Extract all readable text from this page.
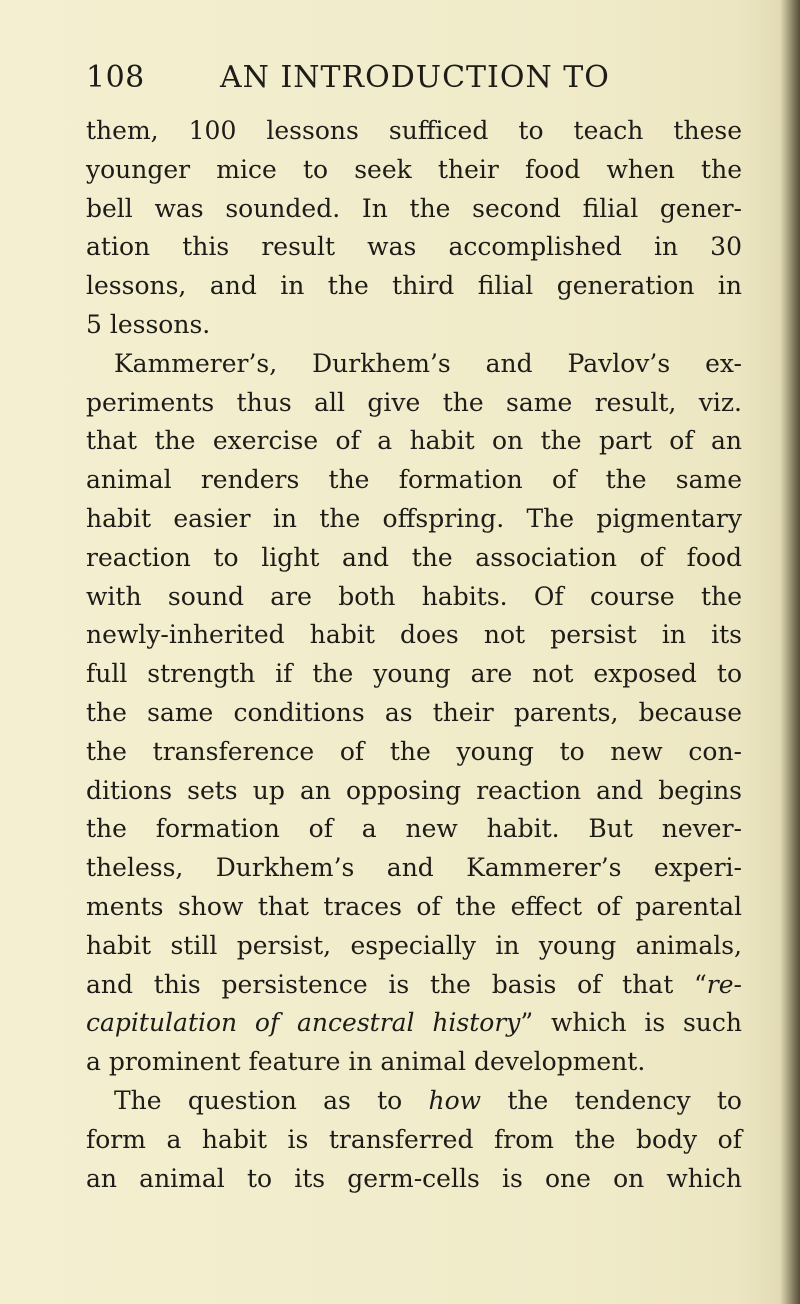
108	AN INTRODUCTION TO
them, 100 lessons sufficed to teach these
younger mice to seek their food when the
bell was sounded. In the second filial gener-
ation this result was accomplished in 30
lessons, and in the third filial generation in
5 lessons.
Kammerer’s, Durkhem’s and Pavlov’s ex-
periments thus all give the same result, viz.
that the exercise of a habit on the part of an
animal renders the formation of the same
habit easier in the offspring. The pigmentary
reaction to light and the association of food
with sound are both habits. Of course the
newly-inherited habit does not persist in its
full strength if the young are not exposed to
the same conditions as their parents, because
the transference of the young to new con-
ditions sets up an opposing reaction and begins
the formation of a new habit. But never-
theless, Durkhem’s and Kammerer’s experi-
ments show that traces of the effect of parental
habit still persist, especially in young animals,
and this persistence is the basis of that “re-
capitulation of ancestral history” which is such
a prominent feature in animal development.
The question as to how the tendency to
form a habit is transferred from the body of
an animal to its germ-cells is one on which
